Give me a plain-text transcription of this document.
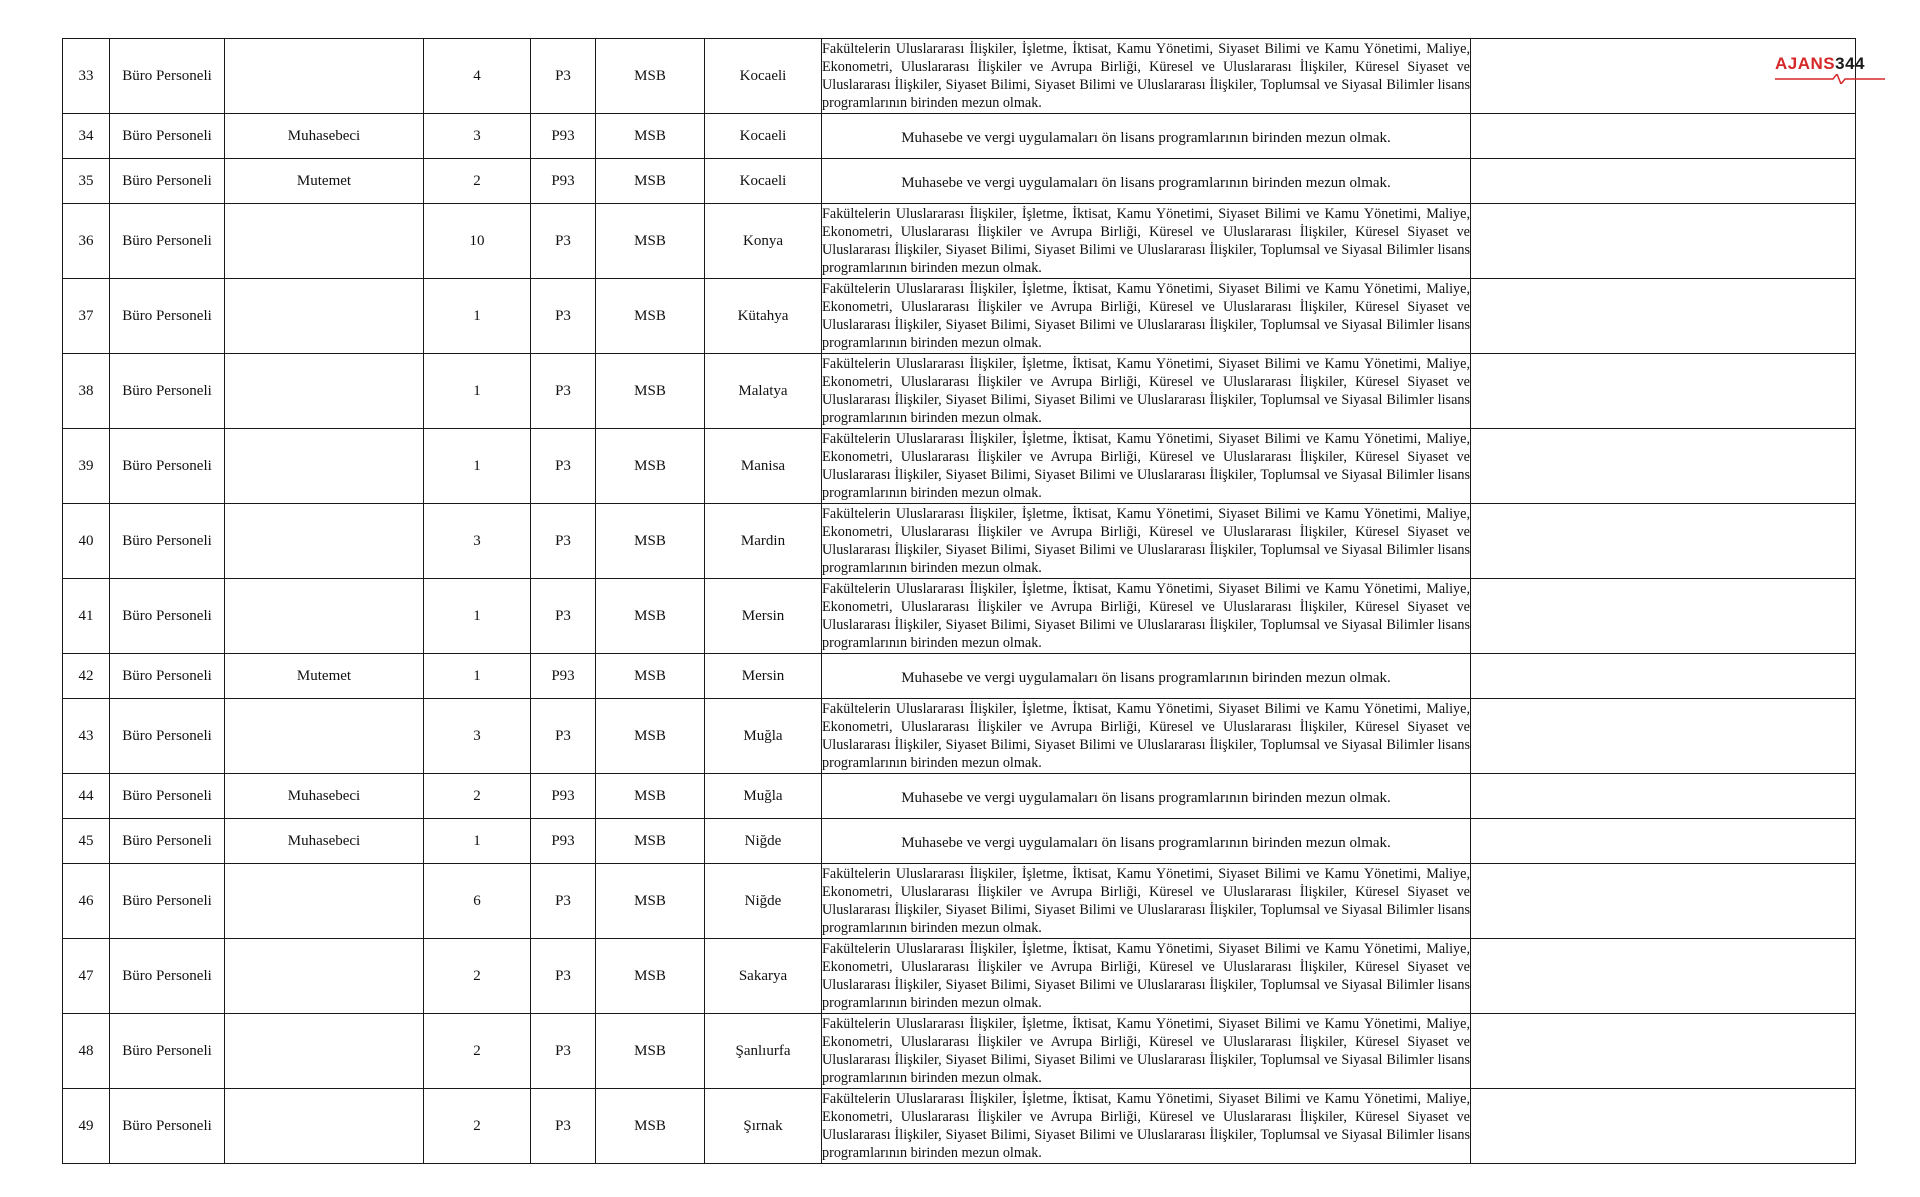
33	Büro Personeli		4	P3	MSB	Kocaeli	Fakültelerin Uluslararası İlişkiler, İşletme, İktisat, Kamu Yönetimi, Siyaset Bilimi ve Kamu Yönetimi, Maliye, Ekonometri, Uluslararası İlişkiler ve Avrupa Birliği, Küresel ve Uluslararası İlişkiler, Küresel Siyaset ve Uluslararası İlişkiler, Siyaset Bilimi, Siyaset Bilimi ve Uluslararası İlişkiler, Toplumsal ve Siyasal Bilimler lisans programlarının birinden mezun olmak.	

34	Büro Personeli	Muhasebeci	3	P93	MSB	Kocaeli	Muhasebe ve vergi uygulamaları ön lisans programlarının birinden mezun olmak.	

35	Büro Personeli	Mutemet	2	P93	MSB	Kocaeli	Muhasebe ve vergi uygulamaları ön lisans programlarının birinden mezun olmak.	

36	Büro Personeli		10	P3	MSB	Konya	Fakültelerin Uluslararası İlişkiler, İşletme, İktisat, Kamu Yönetimi, Siyaset Bilimi ve Kamu Yönetimi, Maliye, Ekonometri, Uluslararası İlişkiler ve Avrupa Birliği, Küresel ve Uluslararası İlişkiler, Küresel Siyaset ve Uluslararası İlişkiler, Siyaset Bilimi, Siyaset Bilimi ve Uluslararası İlişkiler, Toplumsal ve Siyasal Bilimler lisans programlarının birinden mezun olmak.	

37	Büro Personeli		1	P3	MSB	Kütahya	Fakültelerin Uluslararası İlişkiler, İşletme, İktisat, Kamu Yönetimi, Siyaset Bilimi ve Kamu Yönetimi, Maliye, Ekonometri, Uluslararası İlişkiler ve Avrupa Birliği, Küresel ve Uluslararası İlişkiler, Küresel Siyaset ve Uluslararası İlişkiler, Siyaset Bilimi, Siyaset Bilimi ve Uluslararası İlişkiler, Toplumsal ve Siyasal Bilimler lisans programlarının birinden mezun olmak.	

38	Büro Personeli		1	P3	MSB	Malatya	Fakültelerin Uluslararası İlişkiler, İşletme, İktisat, Kamu Yönetimi, Siyaset Bilimi ve Kamu Yönetimi, Maliye, Ekonometri, Uluslararası İlişkiler ve Avrupa Birliği, Küresel ve Uluslararası İlişkiler, Küresel Siyaset ve Uluslararası İlişkiler, Siyaset Bilimi, Siyaset Bilimi ve Uluslararası İlişkiler, Toplumsal ve Siyasal Bilimler lisans programlarının birinden mezun olmak.	

39	Büro Personeli		1	P3	MSB	Manisa	Fakültelerin Uluslararası İlişkiler, İşletme, İktisat, Kamu Yönetimi, Siyaset Bilimi ve Kamu Yönetimi, Maliye, Ekonometri, Uluslararası İlişkiler ve Avrupa Birliği, Küresel ve Uluslararası İlişkiler, Küresel Siyaset ve Uluslararası İlişkiler, Siyaset Bilimi, Siyaset Bilimi ve Uluslararası İlişkiler, Toplumsal ve Siyasal Bilimler lisans programlarının birinden mezun olmak.	

40	Büro Personeli		3	P3	MSB	Mardin	Fakültelerin Uluslararası İlişkiler, İşletme, İktisat, Kamu Yönetimi, Siyaset Bilimi ve Kamu Yönetimi, Maliye, Ekonometri, Uluslararası İlişkiler ve Avrupa Birliği, Küresel ve Uluslararası İlişkiler, Küresel Siyaset ve Uluslararası İlişkiler, Siyaset Bilimi, Siyaset Bilimi ve Uluslararası İlişkiler, Toplumsal ve Siyasal Bilimler lisans programlarının birinden mezun olmak.	

41	Büro Personeli		1	P3	MSB	Mersin	Fakültelerin Uluslararası İlişkiler, İşletme, İktisat, Kamu Yönetimi, Siyaset Bilimi ve Kamu Yönetimi, Maliye, Ekonometri, Uluslararası İlişkiler ve Avrupa Birliği, Küresel ve Uluslararası İlişkiler, Küresel Siyaset ve Uluslararası İlişkiler, Siyaset Bilimi, Siyaset Bilimi ve Uluslararası İlişkiler, Toplumsal ve Siyasal Bilimler lisans programlarının birinden mezun olmak.	

42	Büro Personeli	Mutemet	1	P93	MSB	Mersin	Muhasebe ve vergi uygulamaları ön lisans programlarının birinden mezun olmak.	

43	Büro Personeli		3	P3	MSB	Muğla	Fakültelerin Uluslararası İlişkiler, İşletme, İktisat, Kamu Yönetimi, Siyaset Bilimi ve Kamu Yönetimi, Maliye, Ekonometri, Uluslararası İlişkiler ve Avrupa Birliği, Küresel ve Uluslararası İlişkiler, Küresel Siyaset ve Uluslararası İlişkiler, Siyaset Bilimi, Siyaset Bilimi ve Uluslararası İlişkiler, Toplumsal ve Siyasal Bilimler lisans programlarının birinden mezun olmak.	

44	Büro Personeli	Muhasebeci	2	P93	MSB	Muğla	Muhasebe ve vergi uygulamaları ön lisans programlarının birinden mezun olmak.	

45	Büro Personeli	Muhasebeci	1	P93	MSB	Niğde	Muhasebe ve vergi uygulamaları ön lisans programlarının birinden mezun olmak.	

46	Büro Personeli		6	P3	MSB	Niğde	Fakültelerin Uluslararası İlişkiler, İşletme, İktisat, Kamu Yönetimi, Siyaset Bilimi ve Kamu Yönetimi, Maliye, Ekonometri, Uluslararası İlişkiler ve Avrupa Birliği, Küresel ve Uluslararası İlişkiler, Küresel Siyaset ve Uluslararası İlişkiler, Siyaset Bilimi, Siyaset Bilimi ve Uluslararası İlişkiler, Toplumsal ve Siyasal Bilimler lisans programlarının birinden mezun olmak.	

47	Büro Personeli		2	P3	MSB	Sakarya	Fakültelerin Uluslararası İlişkiler, İşletme, İktisat, Kamu Yönetimi, Siyaset Bilimi ve Kamu Yönetimi, Maliye, Ekonometri, Uluslararası İlişkiler ve Avrupa Birliği, Küresel ve Uluslararası İlişkiler, Küresel Siyaset ve Uluslararası İlişkiler, Siyaset Bilimi, Siyaset Bilimi ve Uluslararası İlişkiler, Toplumsal ve Siyasal Bilimler lisans programlarının birinden mezun olmak.	

48	Büro Personeli		2	P3	MSB	Şanlıurfa	Fakültelerin Uluslararası İlişkiler, İşletme, İktisat, Kamu Yönetimi, Siyaset Bilimi ve Kamu Yönetimi, Maliye, Ekonometri, Uluslararası İlişkiler ve Avrupa Birliği, Küresel ve Uluslararası İlişkiler, Küresel Siyaset ve Uluslararası İlişkiler, Siyaset Bilimi, Siyaset Bilimi ve Uluslararası İlişkiler, Toplumsal ve Siyasal Bilimler lisans programlarının birinden mezun olmak.	

49	Büro Personeli		2	P3	MSB	Şırnak	Fakültelerin Uluslararası İlişkiler, İşletme, İktisat, Kamu Yönetimi, Siyaset Bilimi ve Kamu Yönetimi, Maliye, Ekonometri, Uluslararası İlişkiler ve Avrupa Birliği, Küresel ve Uluslararası İlişkiler, Küresel Siyaset ve Uluslararası İlişkiler, Siyaset Bilimi, Siyaset Bilimi ve Uluslararası İlişkiler, Toplumsal ve Siyasal Bilimler lisans programlarının birinden mezun olmak.	

AJANS344
